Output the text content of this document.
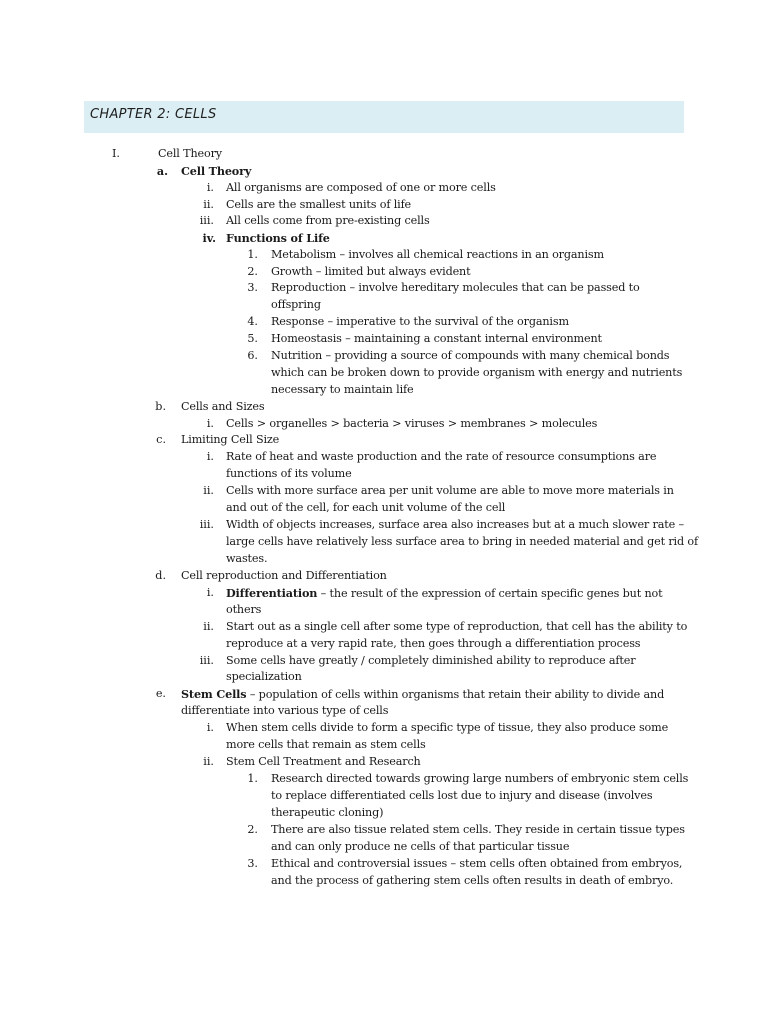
CHAPTER 2: CELLS
I.	Cell Theory
a. Cell Theory
i. All organisms are composed of one or more cells
ii. Cells are the smallest units of life
iii. All cells come from pre-existing cells
iv. Functions of Life
1. Metabolism – involves all chemical reactions in an organism
2. Growth – limited but always evident
3. Reproduction – involve hereditary molecules that can be passed to
offspring
4. Response – imperative to the survival of the organism
5. Homeostasis – maintaining a constant internal environment
6. Nutrition – providing a source of compounds with many chemical bonds
which can be broken down to provide organism with energy and nutrients
necessary to maintain life
b. Cells and Sizes
i. Cells > organelles > bacteria > viruses > membranes > molecules
c. Limiting Cell Size
i. Rate of heat and waste production and the rate of resource consumptions are
functions of its volume
ii. Cells with more surface area per unit volume are able to move more materials in
and out of the cell, for each unit volume of the cell
iii. Width of objects increases, surface area also increases but at a much slower rate –
large cells have relatively less surface area to bring in needed material and get rid of
wastes.
d. Cell reproduction and Differentiation
i. Differentiation – the result of the expression of certain specific genes but not
others
ii. Start out as a single cell after some type of reproduction, that cell has the ability to
reproduce at a very rapid rate, then goes through a differentiation process
iii. Some cells have greatly / completely diminished ability to reproduce after
specialization
e. Stem Cells – population of cells within organisms that retain their ability to divide and
differentiate into various type of cells
i. When stem cells divide to form a specific type of tissue, they also produce some
more cells that remain as stem cells
ii. Stem Cell Treatment and Research
1. Research directed towards growing large numbers of embryonic stem cells
to replace differentiated cells lost due to injury and disease (involves
therapeutic cloning)
2. There are also tissue related stem cells. They reside in certain tissue types
and can only produce ne cells of that particular tissue
3. Ethical and controversial issues – stem cells often obtained from embryos,
and the process of gathering stem cells often results in death of embryo.
